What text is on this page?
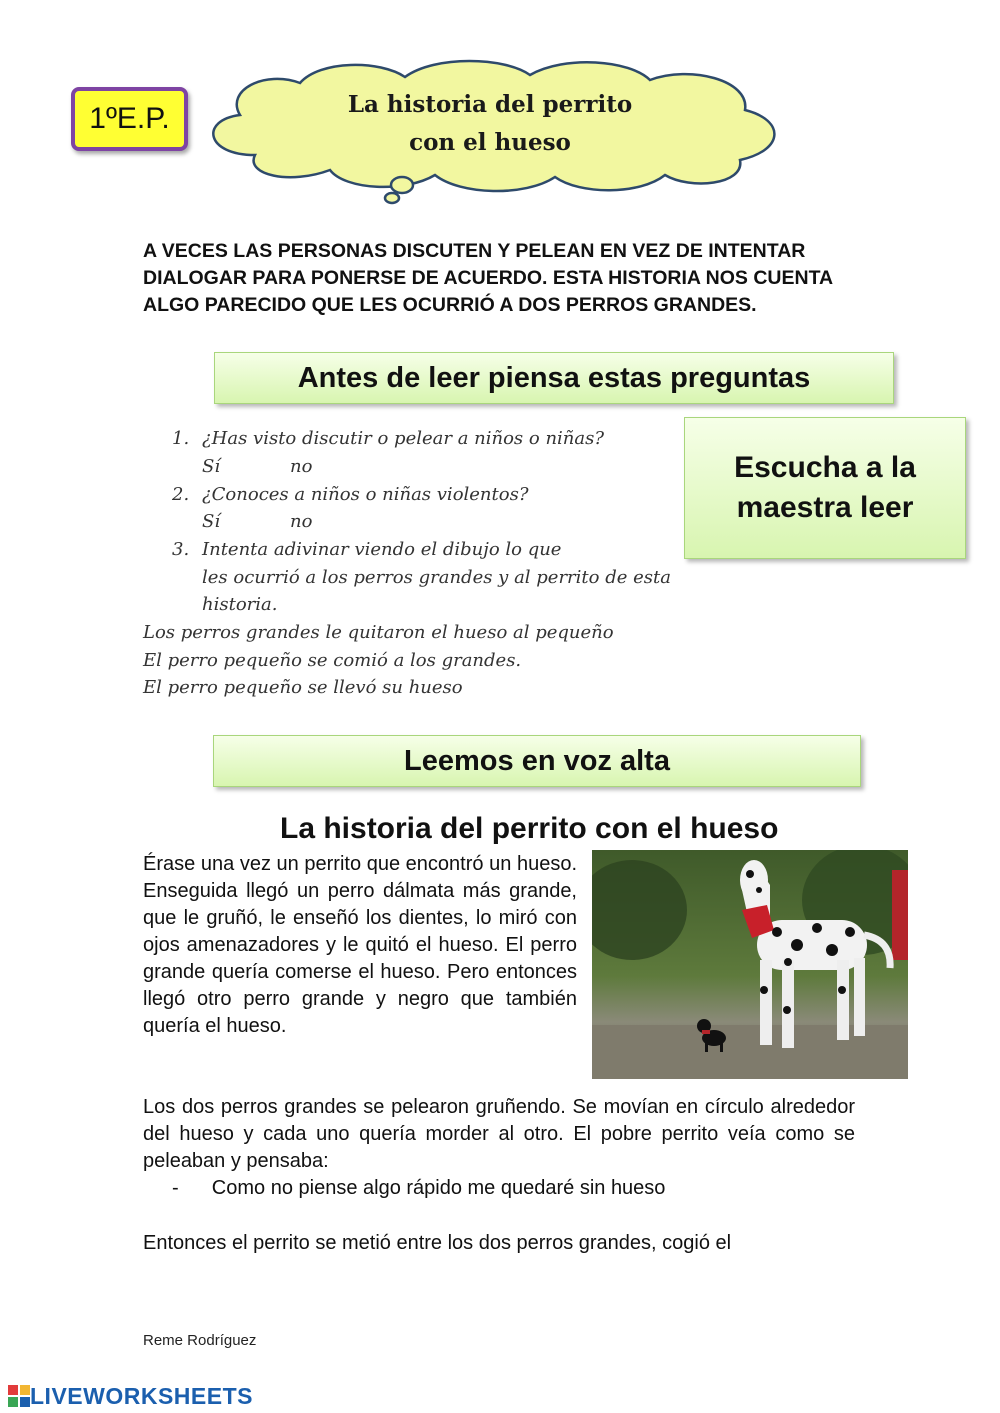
1ºE.P.	La historia del perrito
con el hueso
A VECES LAS PERSONAS DISCUTEN Y PELEAN EN VEZ DE INTENTAR DIALOGAR PARA PONERSE DE ACUERDO. ESTA HISTORIA NOS CUENTA ALGO PARECIDO QUE LES OCURRIÓ A DOS PERROS GRANDES.
Antes de leer piensa estas preguntas
Escucha a la
maestra leer
1. ¿Has visto discutir o pelear a niños o niñas?
Sí	no
2. ¿Conoces a niños o niñas violentos?
Sí	no
3. Intenta adivinar viendo el dibujo lo que
les ocurrió a los perros grandes y al perrito de esta
historia.
Los perros grandes le quitaron el hueso al pequeño
El perro pequeño se comió a los grandes.
El perro pequeño se llevó su hueso
Leemos en voz alta
La historia del perrito con el hueso
Érase una vez un perrito que encontró un hueso. Enseguida llegó un perro dálmata más grande, que le gruñó, le enseñó los dientes, lo miró con ojos amenazadores y le quitó el hueso. El perro grande quería comerse el hueso. Pero entonces llegó otro perro grande y negro que también quería el hueso.
Los dos perros grandes se pelearon gruñendo. Se movían en círculo alrededor del hueso y cada uno quería morder al otro. El pobre perrito veía como se peleaban y pensaba:
- Como no piense algo rápido me quedaré sin hueso
Entonces el perrito se metió entre los dos perros grandes, cogió el
Reme Rodríguez
LIVEWORKSHEETS
